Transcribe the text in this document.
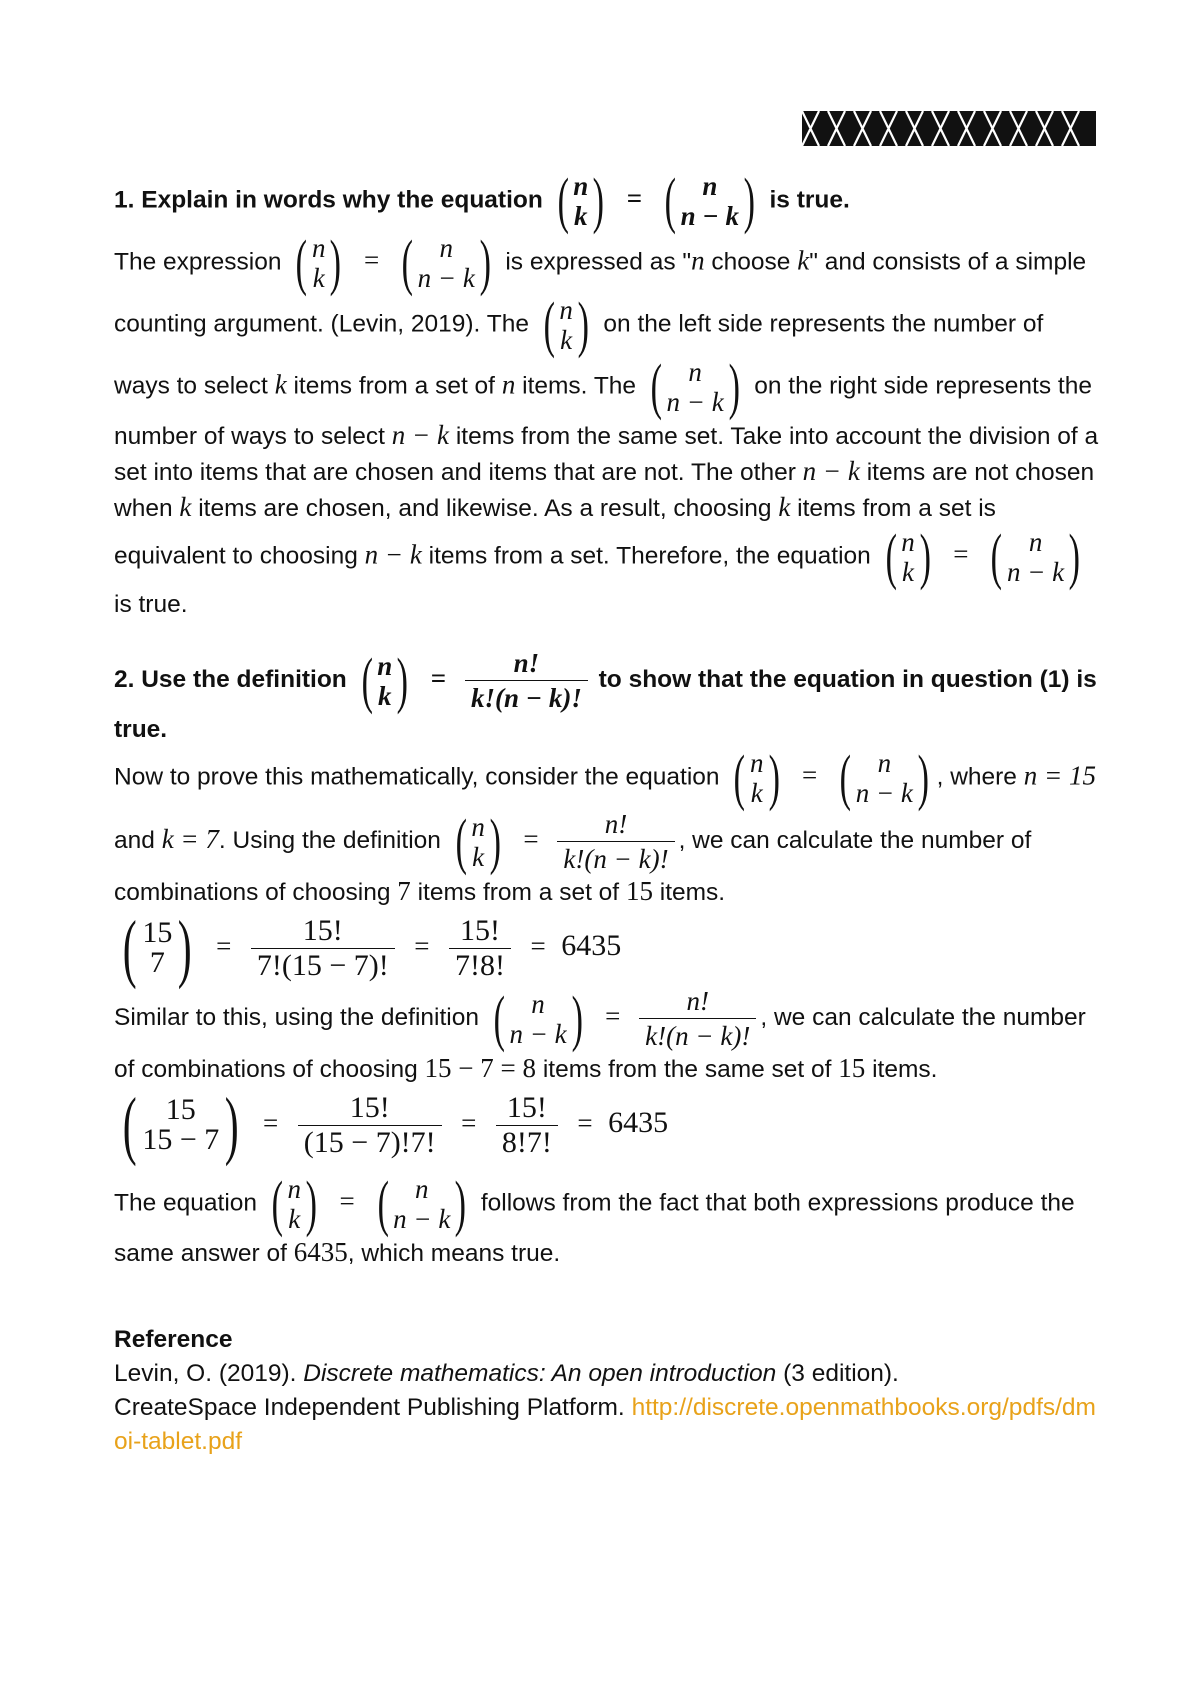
1. Explain in words why the equation ( n
k ) = ( n
n − k ) is true.

The expression ( n
k ) = ( n
n − k ) is expressed as "n choose k" and consists of a simple counting argument. (Levin, 2019). The ( n
k ) on the left side represents the number of ways to select k items from a set of n items. The ( n
n − k ) on the right side represents the number of ways to select n − k items from the same set. Take into account the division of a set into items that are chosen and items that are not. The other n − k items are not chosen when k items are chosen, and likewise. As a result, choosing k items from a set is equivalent to choosing n − k items from a set. Therefore, the equation ( n
k ) = ( n
n − k )
is true.

2. Use the definition ( n
k ) = $\frac{n!}{k!(n - k)!}$ to show that the equation in question (1) is true.

Now to prove this mathematically, consider the equation ( n
k ) = ( n
n − k ) , where n = 15 and k = 7. Using the definition ( n
k ) = $\frac{n!}{k!(n - k)!}$ , we can calculate the number of combinations of choosing 7 items from a set of 15 items.

( 15
7 ) = $\frac{15!}{7!(15 - 7)!} = \frac{15!}{7!8!} = 6435$

Similar to this, using the definition ( n
n − k ) = $\frac{n!}{k!(n - k)!}$ , we can calculate the number of combinations of choosing 15 − 7 = 8 items from the same set of 15 items.

( 15
15 − 7 ) = $\frac{15!}{(15 - 7)!7!} = \frac{15!}{8!7!} = 6435$

The equation ( n
k ) = ( n
n − k ) follows from the fact that both expressions produce the same answer of 6435, which means true.

Reference
Levin, O. (2019). Discrete mathematics: An open introduction (3 edition).
CreateSpace Independent Publishing Platform. http://discrete.openmathbooks.org/pdfs/dmoi-tablet.pdf
